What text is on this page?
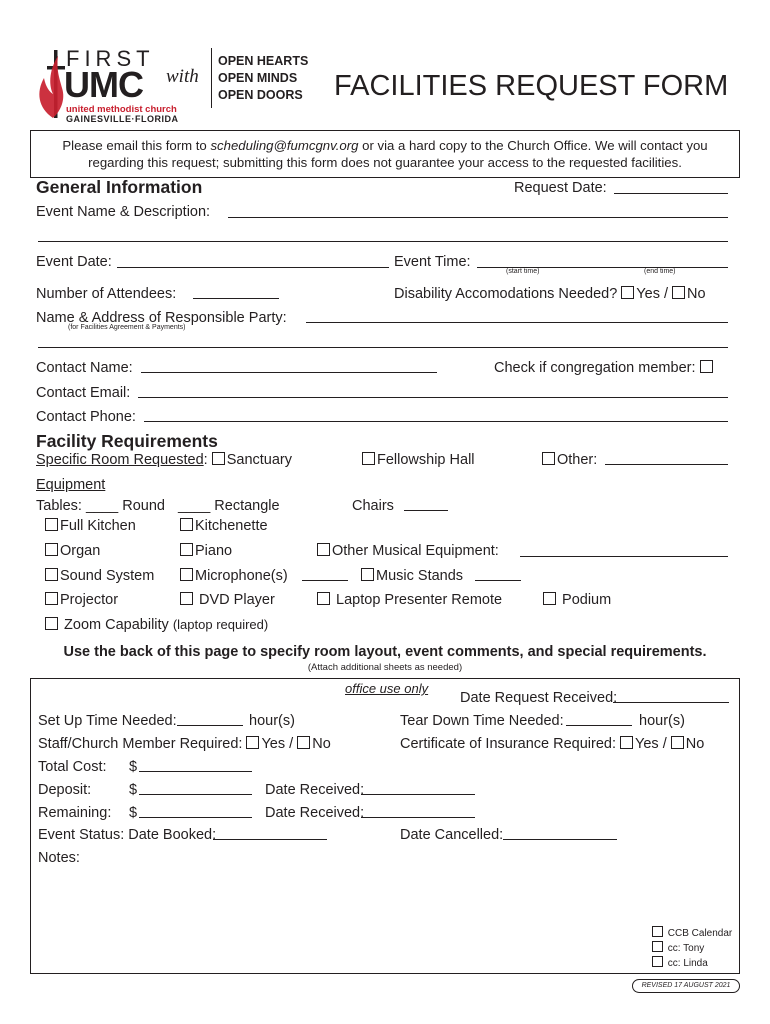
FIRST
UMC with
united methodist church
GAINESVILLE·FLORIDA
OPEN HEARTS
OPEN MINDS
OPEN DOORS FACILITIES REQUEST FORM
Please email this form to scheduling@fumcgnv.org or via a hard copy to the Church Office. We will contact you
regarding this request; submitting this form does not guarantee your access to the requested facilities.
General Information	Request Date:
Event Name & Description:
Event Date:	Event Time:
(start time)	(end time)
Number of Attendees:	Disability Accomodations Needed? Yes / No
Name & Address of Responsible Party:
(for Facilities Agreement & Payments)
Contact Name:	Check if congregation member:
Contact Email:
Contact Phone:
Facility Requirements
Specific Room Requested: Sanctuary	Fellowship Hall	Other:
Equipment
Tables: ____ Round ____ Rectangle	Chairs
Full Kitchen	Kitchenette
Organ	Piano	Other Musical Equipment:
Sound System	Microphone(s)	Music Stands
Projector	DVD Player	Laptop Presenter Remote	Podium
Zoom Capability (laptop required)
Use the back of this page to specify room layout, event comments, and special requirements.
(Attach additional sheets as needed)
office use only
Date Request Received:
Set Up Time Needed:	hour(s)	Tear Down Time Needed:	hour(s)
Staff/Church Member Required: Yes / No	Certificate of Insurance Required: Yes / No
Total Cost: $
Deposit:	$	Date Received:
Remaining: $	Date Received:
Event Status: Date Booked:	Date Cancelled:
Notes:
CCB Calendar
cc: Tony
cc: Linda
REVISED 17 AUGUST 2021
